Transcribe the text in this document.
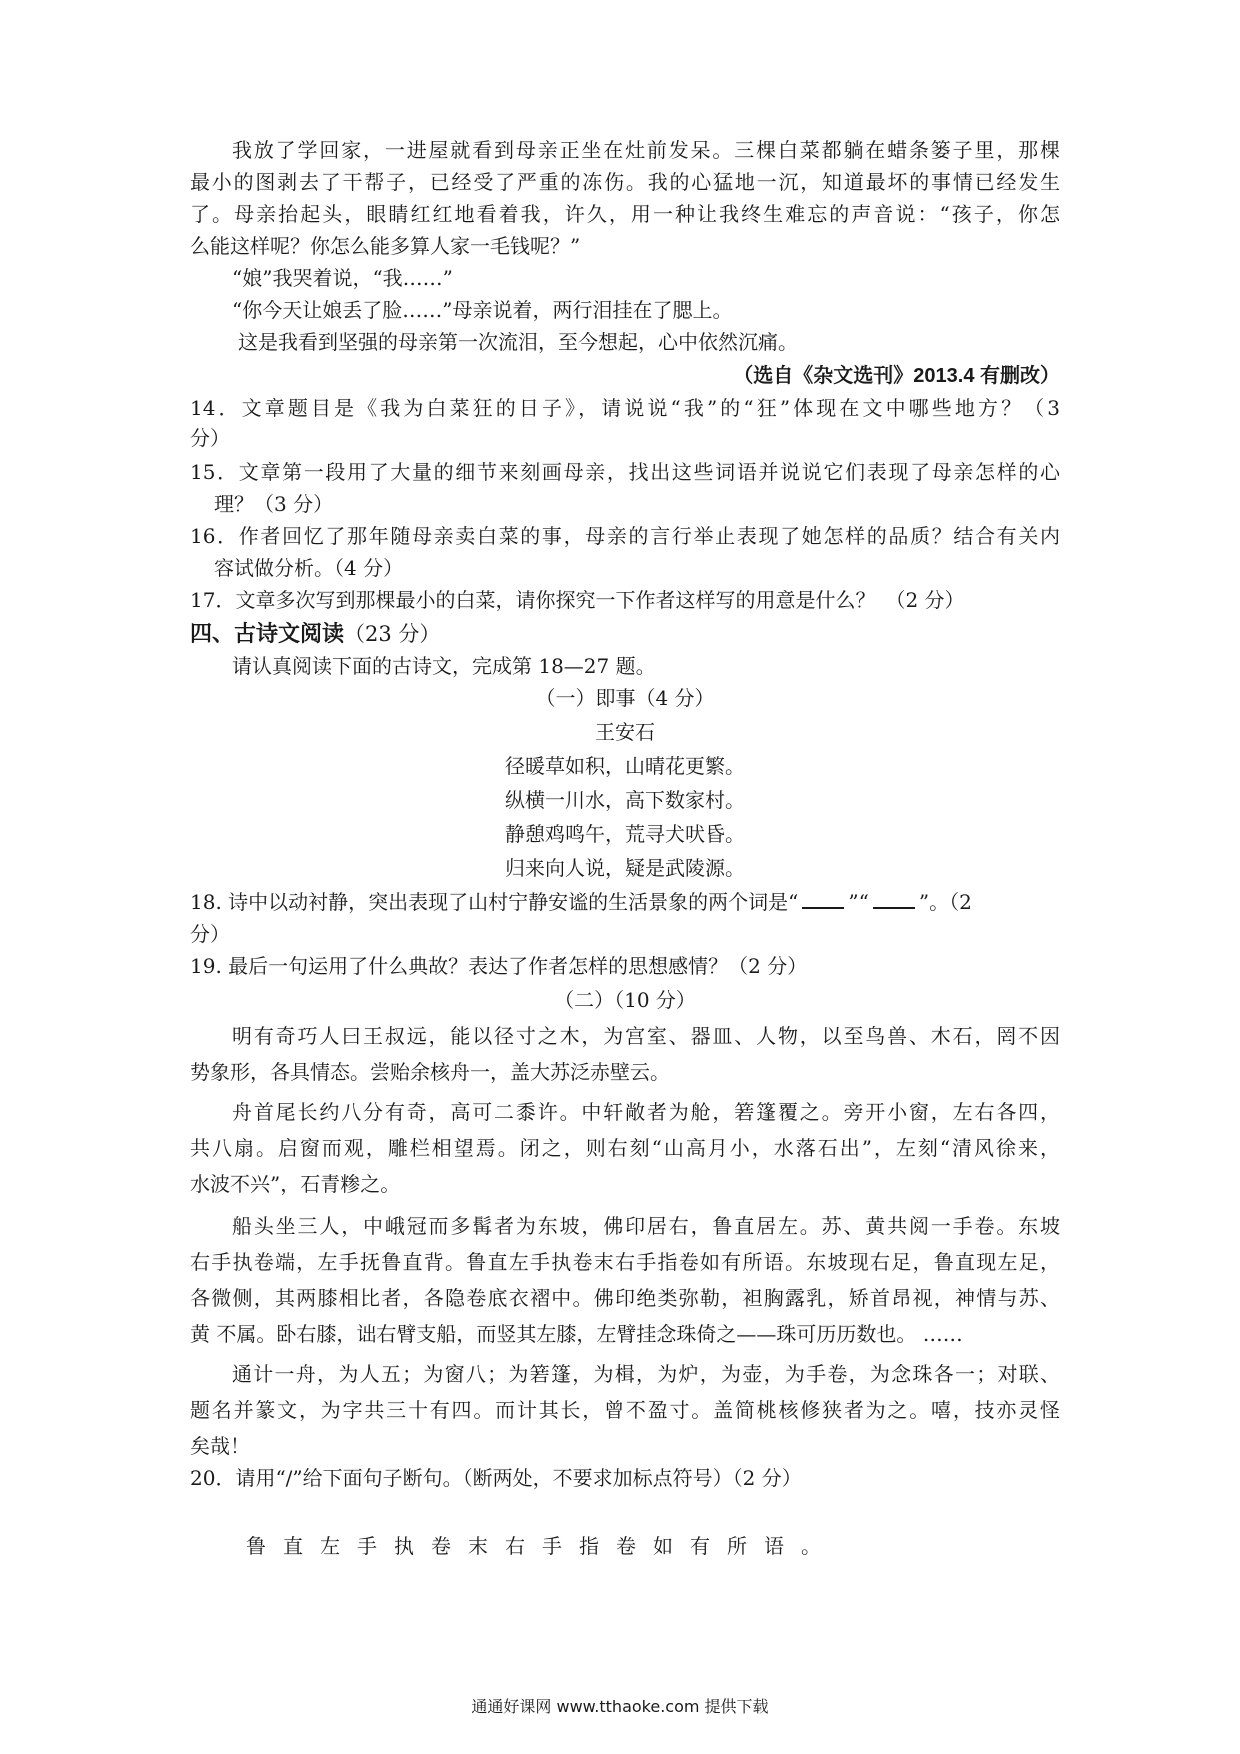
我放了学回家，一进屋就看到母亲正坐在灶前发呆。三棵白菜都躺在蜡条篓子里，那棵
最小的图剥去了干帮子，已经受了严重的冻伤。我的心猛地一沉，知道最坏的事情已经发生
了。母亲抬起头，眼睛红红地看着我，许久，用一种让我终生难忘的声音说：“孩子，你怎
么能这样呢？你怎么能多算人家一毛钱呢？”
“娘”我哭着说，“我……”
“你今天让娘丢了脸……”母亲说着，两行泪挂在了腮上。
这是我看到坚强的母亲第一次流泪，至今想起，心中依然沉痛。
（选自《杂文选刊》2013.4 有删改）
14．文章题目是《我为白菜狂的日子》，请说说“我”的“狂”体现在文中哪些地方？（3
分）
15．文章第一段用了大量的细节来刻画母亲，找出这些词语并说说它们表现了母亲怎样的心
理？（3 分）
16．作者回忆了那年随母亲卖白菜的事，母亲的言行举止表现了她怎样的品质？结合有关内
容试做分析。（4 分）
17．文章多次写到那棵最小的白菜，请你探究一下作者这样写的用意是什么？　（2 分）
四、古诗文阅读（23 分）
请认真阅读下面的古诗文，完成第 18—27 题。
（一）即事（4 分）
王安石
径暖草如积，山晴花更繁。
纵横一川水，高下数家村。
静憩鸡鸣午，荒寻犬吠昏。
归来向人说，疑是武陵源。
18. 诗中以动衬静，突出表现了山村宁静安谧的生活景象的两个词是“	”“	”。（2
分）
19. 最后一句运用了什么典故？表达了作者怎样的思想感情？（2 分）
（二）（10 分）
明有奇巧人曰王叔远，能以径寸之木，为宫室、器皿、人物，以至鸟兽、木石，罔不因
势象形，各具情态。尝贻余核舟一，盖大苏泛赤壁云。
舟首尾长约八分有奇，高可二黍许。中轩敞者为舱，箬篷覆之。旁开小窗，左右各四，
共八扇。启窗而观，雕栏相望焉。闭之，则右刻“山高月小，水落石出”，左刻“清风徐来，
水波不兴”，石青糁之。
船头坐三人，中峨冠而多髯者为东坡，佛印居右，鲁直居左。苏、黄共阅一手卷。东坡
右手执卷端，左手抚鲁直背。鲁直左手执卷末右手指卷如有所语。东坡现右足，鲁直现左足，
各微侧，其两膝相比者，各隐卷底衣褶中。佛印绝类弥勒，袒胸露乳，矫首昂视，神情与苏、
黄 不属。卧右膝，诎右臂支船，而竖其左膝，左臂挂念珠倚之——珠可历历数也。 ……
通计一舟，为人五；为窗八；为箬篷，为楫，为炉，为壶，为手卷，为念珠各一；对联、
题名并篆文，为字共三十有四。而计其长，曾不盈寸。盖简桃核修狭者为之。嘻，技亦灵怪
矣哉！
20．请用“/”给下面句子断句。（断两处，不要求加标点符号）（2 分）
鲁直左手执卷末右手指卷如有所语。
通通好课网 www.tthaoke.com 提供下载
